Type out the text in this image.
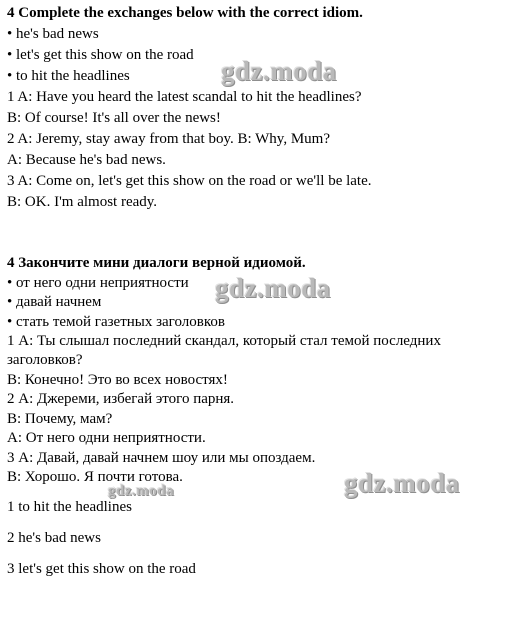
4 Complete the exchanges below with the correct idiom.
• he's bad news
• let's get this show on the road
• to hit the headlines
1 A: Have you heard the latest scandal to hit the headlines?
B: Of course! It's all over the news!
2 A: Jeremy, stay away from that boy. B: Why, Mum?
A: Because he's bad news.
3 A: Come on, let's get this show on the road or we'll be late.
B: OK. I'm almost ready.
4 Закончите мини диалоги верной идиомой.
• от него одни неприятности
• давай начнем
• стать темой газетных заголовков
1 А: Ты слышал последний скандал, который стал темой последних
заголовков?
В: Конечно! Это во всех новостях!
2 А: Джереми, избегай этого парня.
В: Почему, мам?
А: От него одни неприятности.
3 А: Давай, давай начнем шоу или мы опоздаем.
В: Хорошо. Я почти готова.
1 to hit the headlines
2 he's bad news
3 let's get this show on the road
gdz.moda
gdz.moda
gdz.moda
gdz.moda
